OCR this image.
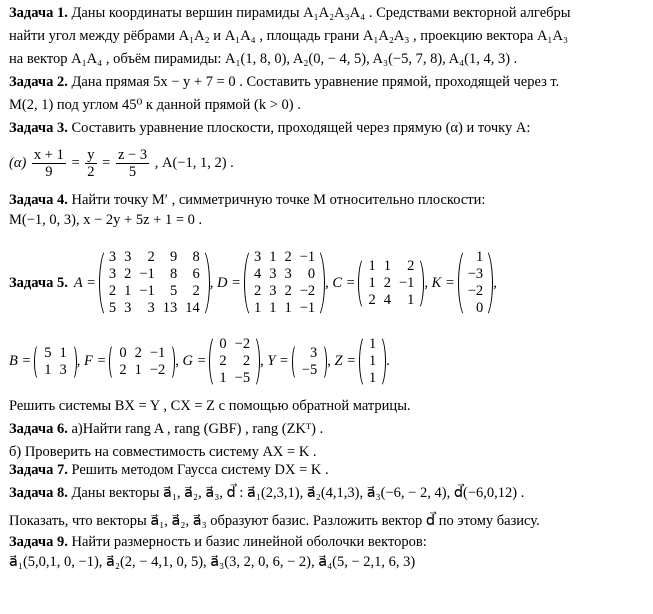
Задача 1. Даны координаты вершин пирамиды A₁A₂A₃A₄ . Средствами векторной алгебры
найти угол между рёбрами A₁A₂ и A₁A₄ , площадь грани A₁A₂A₃ , проекцию вектора A₁A₃
на вектор A₁A₄ , объём пирамиды: A₁(1, 8, 0), A₂(0, − 4, 5), A₃(−5, 7, 8), A₄(1, 4, 3) .
Задача 2. Дана прямая 5x − y + 7 = 0 . Составить уравнение прямой, проходящей через т.
M(2, 1) под углом 45⁰ к данной прямой (k > 0) .
Задача 3. Составить уравнение плоскости, проходящей через прямую (α) и точку А:
$(\alpha) \frac{x + 1}{9} = \frac{y}{2} = \frac{z - 3}{5}$ , A(−1, 1, 2) .
Задача 4. Найти точку M′ , симметричную точке M относительно плоскости:
M(−1, 0, 3), x − 2y + 5z + 1 = 0 .
Задача 5. A =
3	3	2	9	8
3	2	−1	8	6
2	1	−1	5	2
5	3	3	13	14
, D =
3	1	2	−1
4	3	3	0
2	3	2	−2
1	1	1	−1
, C =
1	1	2
1	2	−1
2	4	1
, K =
1
−3
−2
0
,
B =
5	1
1	3
, F =
0	2	−1
2	1	−2
, G =
0	−2
2	2
1	−5
, Y =
3
−5
, Z =
1
1
1
.
Решить системы BX = Y , CX = Z с помощью обратной матрицы.
Задача 6. а)Найти rang A , rang (GBF) , rang (ZKᵀ) .
б) Проверить на совместимость систему AX = K .
Задача 7. Решить методом Гаусса систему DX = K .
Задача 8. Даны векторы a⃗₁, a⃗₂, a⃗₃, d⃗ : a⃗₁(2,3,1), a⃗₂(4,1,3), a⃗₃(−6, − 2, 4), d⃗(−6,0,12) .
Показать, что векторы a⃗₁, a⃗₂, a⃗₃ образуют базис. Разложить вектор d⃗ по этому базису.
Задача 9. Найти размерность и базис линейной оболочки векторов:
a⃗₁(5,0,1, 0, −1), a⃗₂(2, − 4,1, 0, 5), a⃗₃(3, 2, 0, 6, − 2), a⃗₄(5, − 2,1, 6, 3)
